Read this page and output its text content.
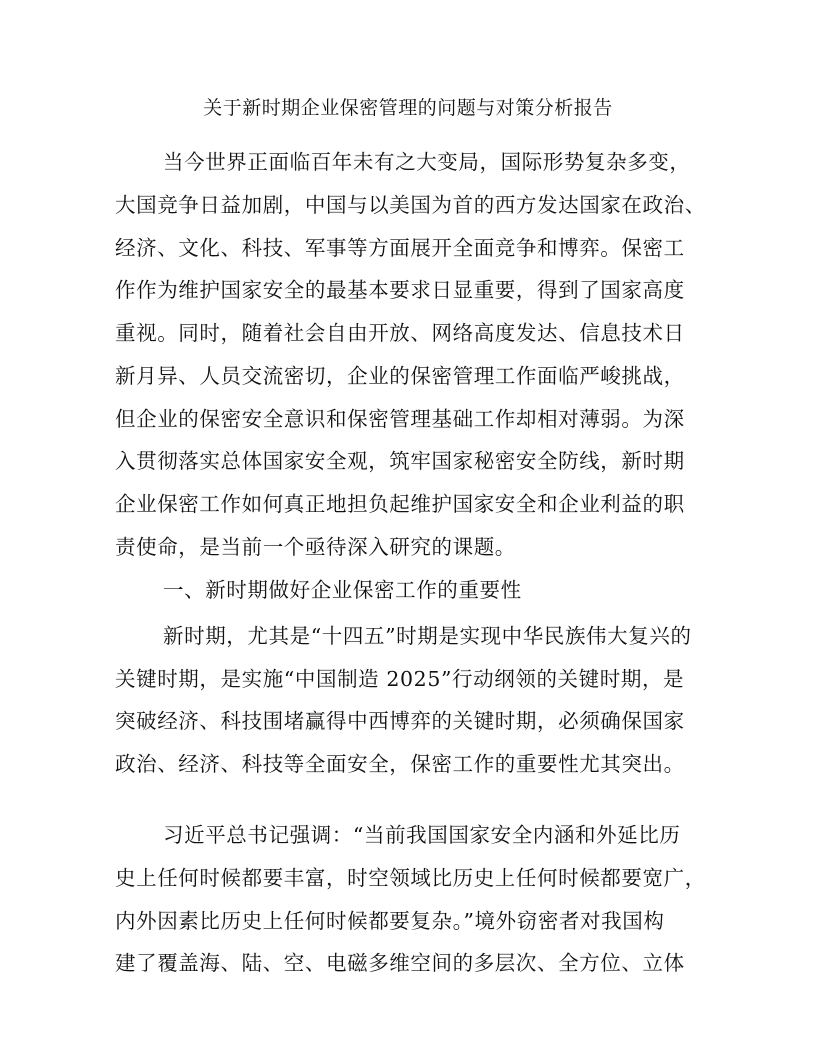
关于新时期企业保密管理的问题与对策分析报告
当今世界正面临百年未有之大变局，国际形势复杂多变，
大国竞争日益加剧，中国与以美国为首的西方发达国家在政治、
经济、文化、科技、军事等方面展开全面竞争和博弈。保密工
作作为维护国家安全的最基本要求日显重要，得到了国家高度
重视。同时，随着社会自由开放、网络高度发达、信息技术日
新月异、人员交流密切，企业的保密管理工作面临严峻挑战，
但企业的保密安全意识和保密管理基础工作却相对薄弱。为深
入贯彻落实总体国家安全观，筑牢国家秘密安全防线，新时期
企业保密工作如何真正地担负起维护国家安全和企业利益的职
责使命，是当前一个亟待深入研究的课题。
一、新时期做好企业保密工作的重要性
新时期，尤其是“十四五”时期是实现中华民族伟大复兴的
关键时期，是实施“中国制造 2025”行动纲领的关键时期，是
突破经济、科技围堵赢得中西博弈的关键时期，必须确保国家
政治、经济、科技等全面安全，保密工作的重要性尤其突出。
习近平总书记强调：“当前我国国家安全内涵和外延比历
史上任何时候都要丰富，时空领域比历史上任何时候都要宽广，
内外因素比历史上任何时候都要复杂。”境外窃密者对我国构
建了覆盖海、陆、空、电磁多维空间的多层次、全方位、立体
